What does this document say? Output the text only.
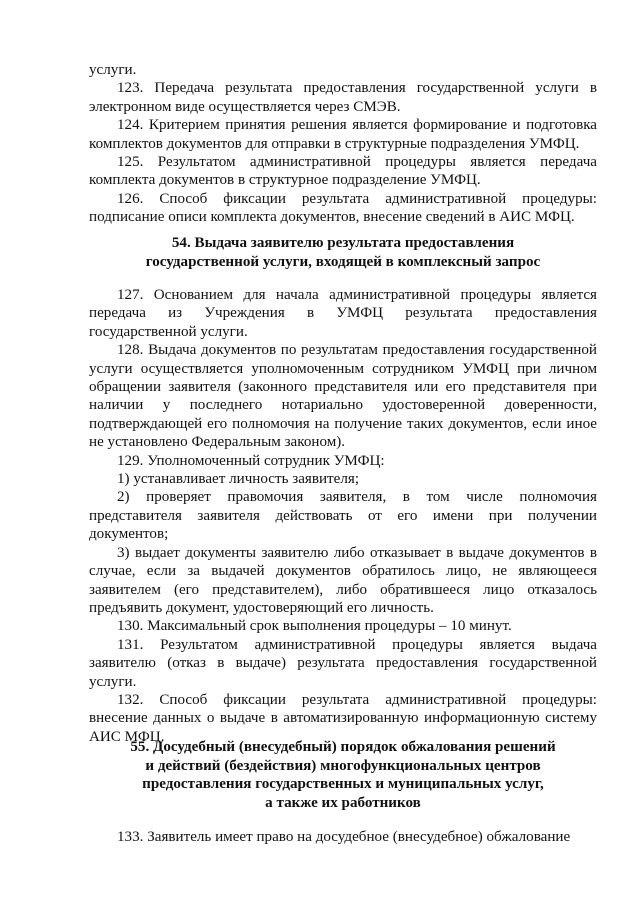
услуги.

123. Передача результата предоставления государственной услуги в электронном виде осуществляется через СМЭВ.

124. Критерием принятия решения является формирование и подготовка комплектов документов для отправки в структурные подразделения УМФЦ.

125. Результатом административной процедуры является передача комплекта документов в структурное подразделение УМФЦ.

126. Способ фиксации результата административной процедуры: подписание описи комплекта документов, внесение сведений в АИС МФЦ.

54. Выдача заявителю результата предоставления
государственной услуги, входящей в комплексный запрос

127. Основанием для начала административной процедуры является передача из Учреждения в УМФЦ результата предоставления государственной услуги.

128. Выдача документов по результатам предоставления государственной услуги осуществляется уполномоченным сотрудником УМФЦ при личном обращении заявителя (законного представителя или его представителя при наличии у последнего нотариально удостоверенной доверенности, подтверждающей его полномочия на получение таких документов, если иное не установлено Федеральным законом).

129. Уполномоченный сотрудник УМФЦ:

1) устанавливает личность заявителя;

2) проверяет правомочия заявителя, в том числе полномочия представителя заявителя действовать от его имени при получении документов;

3) выдает документы заявителю либо отказывает в выдаче документов в случае, если за выдачей документов обратилось лицо, не являющееся заявителем (его представителем), либо обратившееся лицо отказалось предъявить документ, удостоверяющий его личность.

130. Максимальный срок выполнения процедуры – 10 минут.

131. Результатом административной процедуры является выдача заявителю (отказ в выдаче) результата предоставления государственной услуги.

132. Способ фиксации результата административной процедуры: внесение данных о выдаче в автоматизированную информационную систему АИС МФЦ.

55. Досудебный (внесудебный) порядок обжалования решений
и действий (бездействия) многофункциональных центров
предоставления государственных и муниципальных услуг,
а также их работников

133. Заявитель имеет право на досудебное (внесудебное) обжалование
